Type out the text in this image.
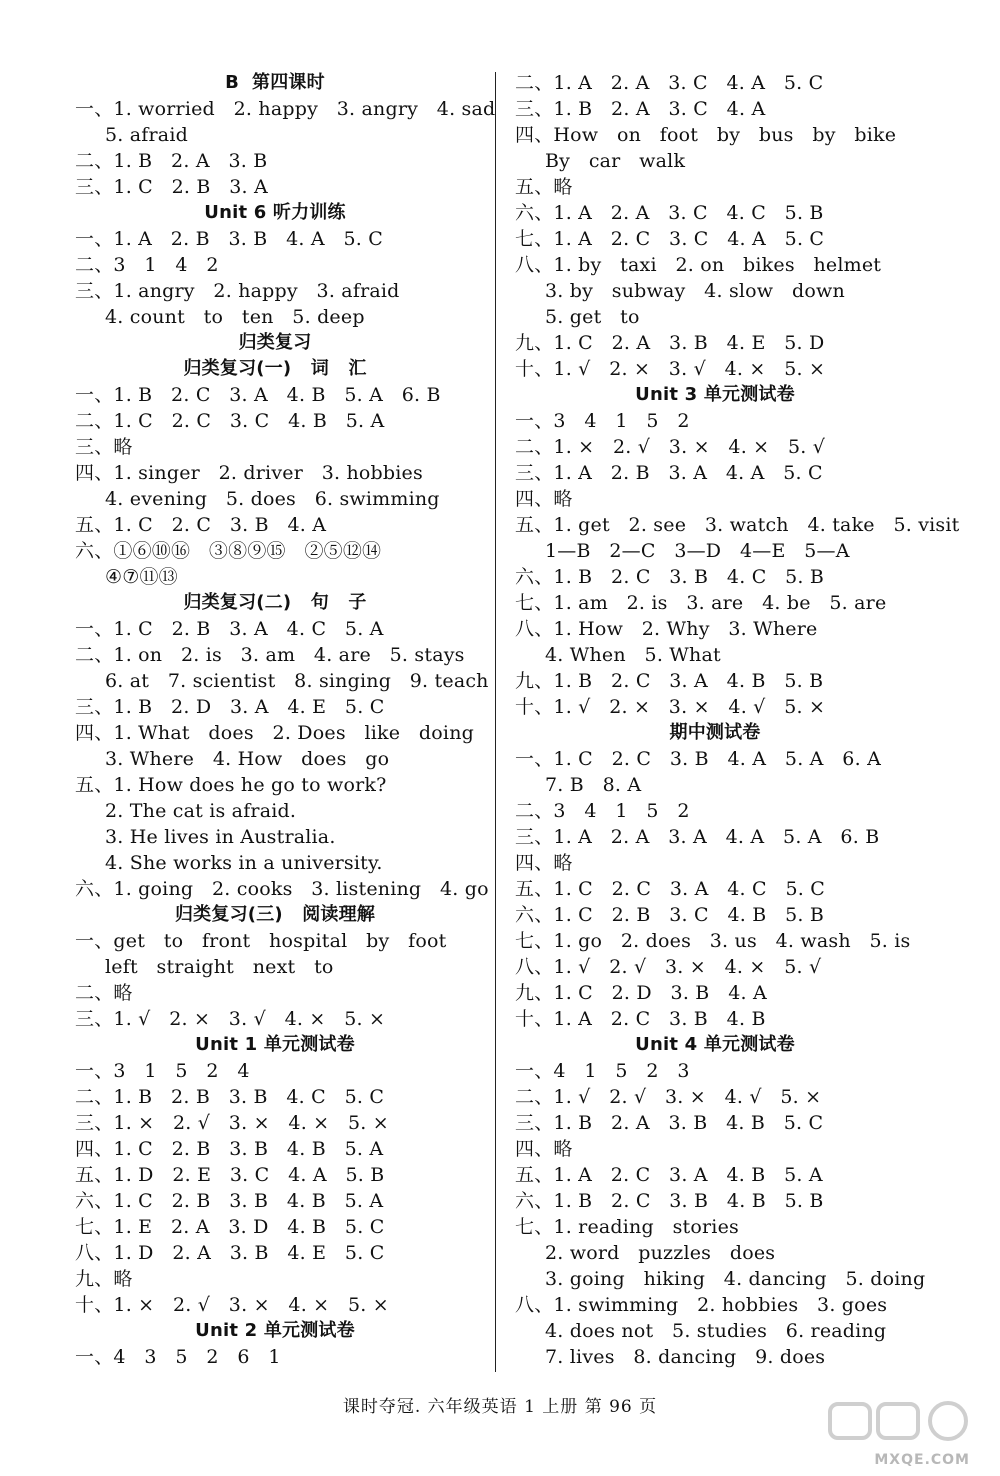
B  第四课时
一、1. worried   2. happy   3. angry   4. sad
5. afraid
二、1. B   2. A   3. B
三、1. C   2. B   3. A
Unit 6 听力训练
一、1. A   2. B   3. B   4. A   5. C
二、3   1   4   2
三、1. angry   2. happy   3. afraid
4. count   to   ten   5. deep
归类复习
归类复习(一)   词   汇
一、1. B   2. C   3. A   4. B   5. A   6. B
二、1. C   2. C   3. C   4. B   5. A
三、略
四、1. singer   2. driver   3. hobbies
4. evening   5. does   6. swimming
五、1. C   2. C   3. B   4. A
六、①⑥⑩⑯   ③⑧⑨⑮   ②⑤⑫⑭
④⑦⑪⑬
归类复习(二)   句   子
一、1. C   2. B   3. A   4. C   5. A
二、1. on   2. is   3. am   4. are   5. stays
6. at   7. scientist   8. singing   9. teach
三、1. B   2. D   3. A   4. E   5. C
四、1. What   does   2. Does   like   doing
3. Where   4. How   does   go
五、1. How does he go to work?
2. The cat is afraid.
3. He lives in Australia.
4. She works in a university.
六、1. going   2. cooks   3. listening   4. go
归类复习(三)   阅读理解
一、get   to   front   hospital   by   foot
left   straight   next   to
二、略
三、1. √   2. ×   3. √   4. ×   5. ×
Unit 1 单元测试卷
一、3   1   5   2   4
二、1. B   2. B   3. B   4. C   5. C
三、1. ×   2. √   3. ×   4. ×   5. ×
四、1. C   2. B   3. B   4. B   5. A
五、1. D   2. E   3. C   4. A   5. B
六、1. C   2. B   3. B   4. B   5. A
七、1. E   2. A   3. D   4. B   5. C
八、1. D   2. A   3. B   4. E   5. C
九、略
十、1. ×   2. √   3. ×   4. ×   5. ×
Unit 2 单元测试卷
一、4   3   5   2   6   1
二、1. A   2. A   3. C   4. A   5. C
三、1. B   2. A   3. C   4. A
四、How   on   foot   by   bus   by   bike
By   car   walk
五、略
六、1. A   2. A   3. C   4. C   5. B
七、1. A   2. C   3. C   4. A   5. C
八、1. by   taxi   2. on   bikes   helmet
3. by   subway   4. slow   down
5. get   to
九、1. C   2. A   3. B   4. E   5. D
十、1. √   2. ×   3. √   4. ×   5. ×
Unit 3 单元测试卷
一、3   4   1   5   2
二、1. ×   2. √   3. ×   4. ×   5. √
三、1. A   2. B   3. A   4. A   5. C
四、略
五、1. get   2. see   3. watch   4. take   5. visit
1—B   2—C   3—D   4—E   5—A
六、1. B   2. C   3. B   4. C   5. B
七、1. am   2. is   3. are   4. be   5. are
八、1. How   2. Why   3. Where
4. When   5. What
九、1. B   2. C   3. A   4. B   5. B
十、1. √   2. ×   3. ×   4. √   5. ×
期中测试卷
一、1. C   2. C   3. B   4. A   5. A   6. A
7. B   8. A
二、3   4   1   5   2
三、1. A   2. A   3. A   4. A   5. A   6. B
四、略
五、1. C   2. C   3. A   4. C   5. C
六、1. C   2. B   3. C   4. B   5. B
七、1. go   2. does   3. us   4. wash   5. is
八、1. √   2. √   3. ×   4. ×   5. √
九、1. C   2. D   3. B   4. A
十、1. A   2. C   3. B   4. B
Unit 4 单元测试卷
一、4   1   5   2   3
二、1. √   2. √   3. ×   4. √   5. ×
三、1. B   2. A   3. B   4. B   5. C
四、略
五、1. A   2. C   3. A   4. B   5. A
六、1. B   2. C   3. B   4. B   5. B
七、1. reading   stories
2. word   puzzles   does
3. going   hiking   4. dancing   5. doing
八、1. swimming   2. hobbies   3. goes
4. does not   5. studies   6. reading
7. lives   8. dancing   9. does
课时夺冠. 六年级英语 1 上册 第 96 页
MXQE.COM
